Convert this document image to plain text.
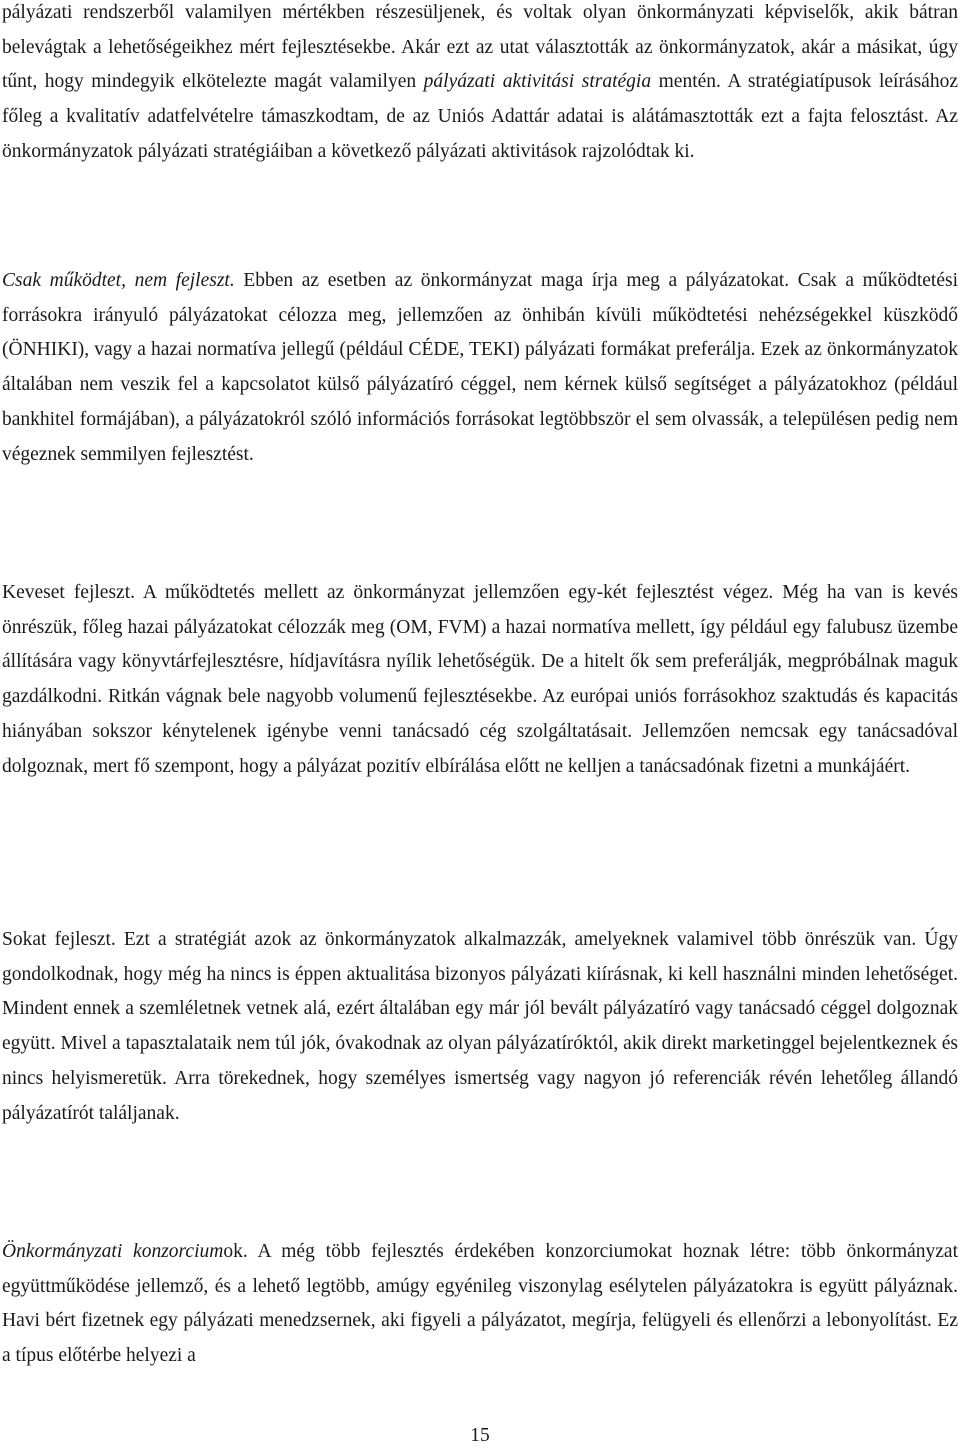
pályázati rendszerből valamilyen mértékben részesüljenek, és voltak olyan önkormányzati képviselők, akik bátran belevágtak a lehetőségeikhez mért fejlesztésekbe. Akár ezt az utat választották az önkormányzatok, akár a másikat, úgy tűnt, hogy mindegyik elkötelezte magát valamilyen pályázati aktivitási stratégia mentén. A stratégiatípusok leírásához főleg a kvalitatív adatfelvételre támaszkodtam, de az Uniós Adattár adatai is alátámasztották ezt a fajta felosztást. Az önkormányzatok pályázati stratégiáiban a következő pályázati aktivitások rajzolódtak ki.

Csak működtet, nem fejleszt. Ebben az esetben az önkormányzat maga írja meg a pályázatokat. Csak a működtetési forrásokra irányuló pályázatokat célozza meg, jellemzően az önhibán kívüli működtetési nehézségekkel küszködő (ÖNHIKI), vagy a hazai normatíva jellegű (például CÉDE, TEKI) pályázati formákat preferálja. Ezek az önkormányzatok általában nem veszik fel a kapcsolatot külső pályázatíró céggel, nem kérnek külső segítséget a pályázatokhoz (például bankhitel formájában), a pályázatokról szóló információs forrásokat legtöbbször el sem olvassák, a településen pedig nem végeznek semmilyen fejlesztést.

Keveset fejleszt. A működtetés mellett az önkormányzat jellemzően egy-két fejlesztést végez. Még ha van is kevés önrészük, főleg hazai pályázatokat célozzák meg (OM, FVM) a hazai normatíva mellett, így például egy falubusz üzembe állítására vagy könyvtárfejlesztésre, hídjavításra nyílik lehetőségük. De a hitelt ők sem preferálják, megpróbálnak maguk gazdálkodni. Ritkán vágnak bele nagyobb volumenű fejlesztésekbe. Az európai uniós forrásokhoz szaktudás és kapacitás hiányában sokszor kénytelenek igénybe venni tanácsadó cég szolgáltatásait. Jellemzően nemcsak egy tanácsadóval dolgoznak, mert fő szempont, hogy a pályázat pozitív elbírálása előtt ne kelljen a tanácsadónak fizetni a munkájáért.

Sokat fejleszt. Ezt a stratégiát azok az önkormányzatok alkalmazzák, amelyeknek valamivel több önrészük van. Úgy gondolkodnak, hogy még ha nincs is éppen aktualitása bizonyos pályázati kiírásnak, ki kell használni minden lehetőséget. Mindent ennek a szemléletnek vetnek alá, ezért általában egy már jól bevált pályázatíró vagy tanácsadó céggel dolgoznak együtt. Mivel a tapasztalataik nem túl jók, óvakodnak az olyan pályázatíróktól, akik direkt marketinggel bejelentkeznek és nincs helyismeretük. Arra törekednek, hogy személyes ismertség vagy nagyon jó referenciák révén lehetőleg állandó pályázatírót találjanak.

Önkormányzati konzorciumok. A még több fejlesztés érdekében konzorciumokat hoznak létre: több önkormányzat együttműködése jellemző, és a lehető legtöbb, amúgy egyénileg viszonylag esélytelen pályázatokra is együtt pályáznak. Havi bért fizetnek egy pályázati menedzsernek, aki figyeli a pályázatot, megírja, felügyeli és ellenőrzi a lebonyolítást. Ez a típus előtérbe helyezi a

15
